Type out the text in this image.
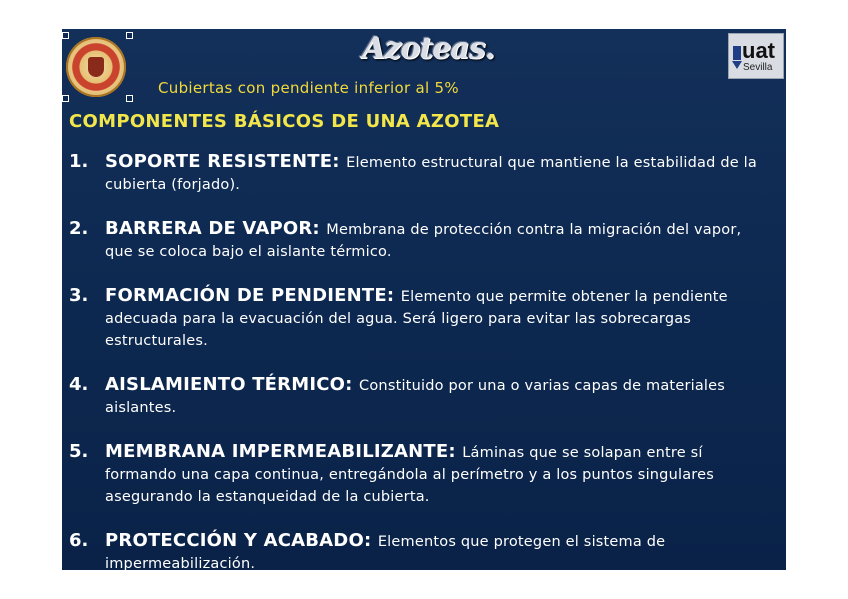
Azoteas.	uat
Sevilla
Cubiertas con pendiente inferior al 5%
COMPONENTES BÁSICOS DE UNA AZOTEA
1. SOPORTE RESISTENTE: Elemento estructural que mantiene la estabilidad de la cubierta (forjado).
2. BARRERA DE VAPOR: Membrana de protección contra la migración del vapor, que se coloca bajo el aislante térmico.
3. FORMACIÓN DE PENDIENTE: Elemento que permite obtener la pendiente adecuada para la evacuación del agua. Será ligero para evitar las sobrecargas estructurales.
4. AISLAMIENTO TÉRMICO: Constituido por una o varias capas de materiales aislantes.
5. MEMBRANA IMPERMEABILIZANTE: Láminas que se solapan entre sí formando una capa continua, entregándola al perímetro y a los puntos singulares asegurando la estanqueidad de la cubierta.
6. PROTECCIÓN Y ACABADO: Elementos que protegen el sistema de impermeabilización.
